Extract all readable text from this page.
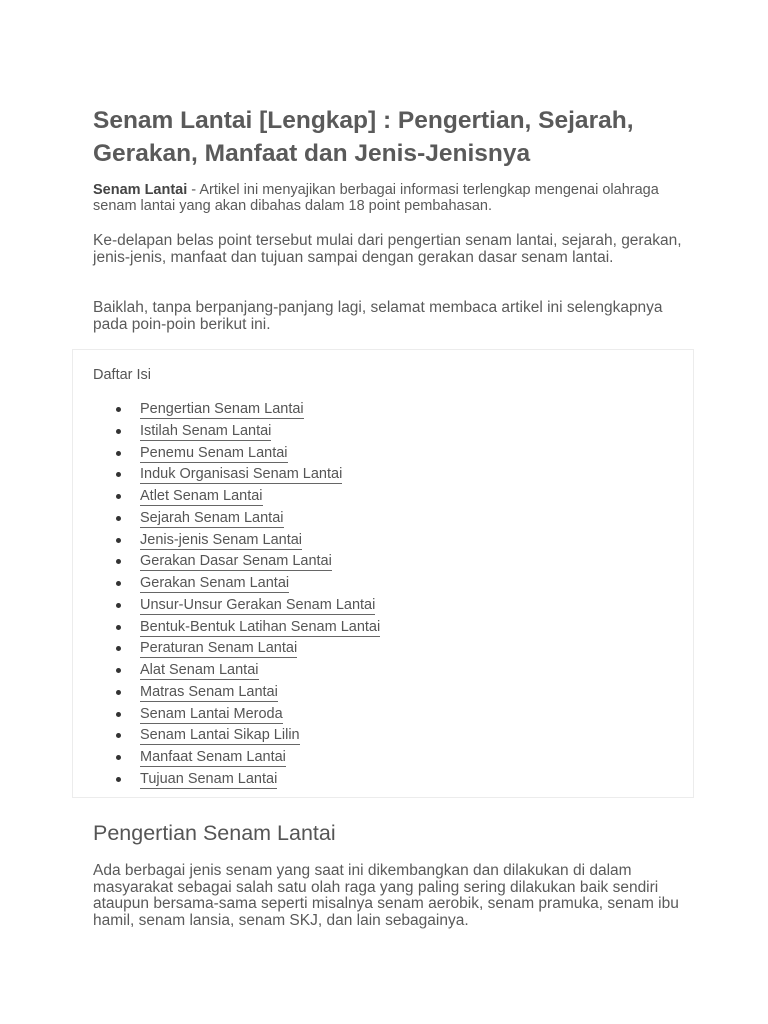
Senam Lantai [Lengkap] : Pengertian, Sejarah, Gerakan, Manfaat dan Jenis-Jenisnya

Senam Lantai - Artikel ini menyajikan berbagai informasi terlengkap mengenai olahraga senam lantai yang akan dibahas dalam 18 point pembahasan.

Ke-delapan belas point tersebut mulai dari pengertian senam lantai, sejarah, gerakan, jenis-jenis, manfaat dan tujuan sampai dengan gerakan dasar senam lantai.

Baiklah, tanpa berpanjang-panjang lagi, selamat membaca artikel ini selengkapnya pada poin-poin berikut ini.

Daftar Isi

Pengertian Senam Lantai
Istilah Senam Lantai
Penemu Senam Lantai
Induk Organisasi Senam Lantai
Atlet Senam Lantai
Sejarah Senam Lantai
Jenis-jenis Senam Lantai
Gerakan Dasar Senam Lantai
Gerakan Senam Lantai
Unsur-Unsur Gerakan Senam Lantai
Bentuk-Bentuk Latihan Senam Lantai
Peraturan Senam Lantai
Alat Senam Lantai
Matras Senam Lantai
Senam Lantai Meroda
Senam Lantai Sikap Lilin
Manfaat Senam Lantai
Tujuan Senam Lantai
Pengertian Senam Lantai

Ada berbagai jenis senam yang saat ini dikembangkan dan dilakukan di dalam masyarakat sebagai salah satu olah raga yang paling sering dilakukan baik sendiri ataupun bersama-sama seperti misalnya senam aerobik, senam pramuka, senam ibu hamil, senam lansia, senam SKJ, dan lain sebagainya.
